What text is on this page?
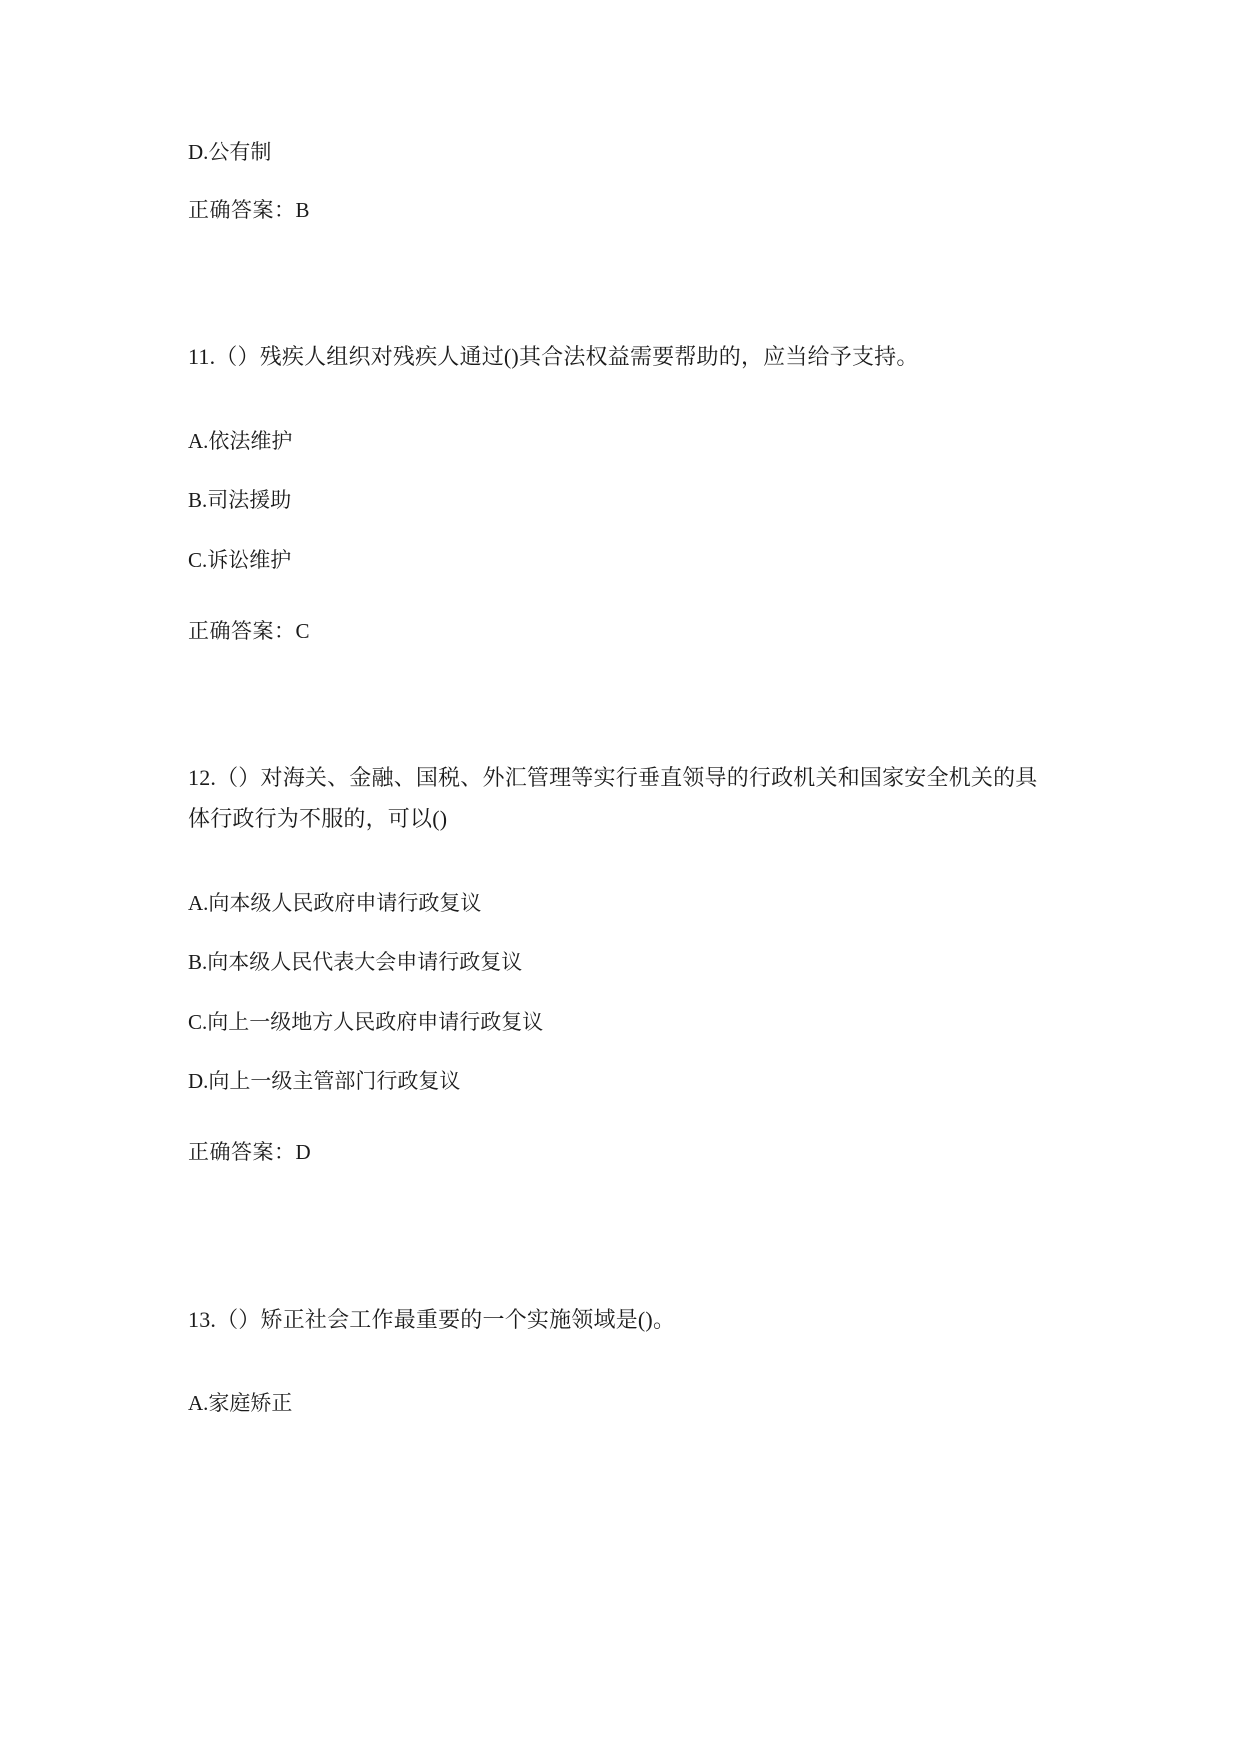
D.公有制

正确答案：B

11.（）残疾人组织对残疾人通过()其合法权益需要帮助的，应当给予支持。

A.依法维护

B.司法援助

C.诉讼维护

正确答案：C

12.（）对海关、金融、国税、外汇管理等实行垂直领导的行政机关和国家安全机关的具体行政行为不服的，可以()

A.向本级人民政府申请行政复议

B.向本级人民代表大会申请行政复议

C.向上一级地方人民政府申请行政复议

D.向上一级主管部门行政复议

正确答案：D

13.（）矫正社会工作最重要的一个实施领域是()。

A.家庭矫正
